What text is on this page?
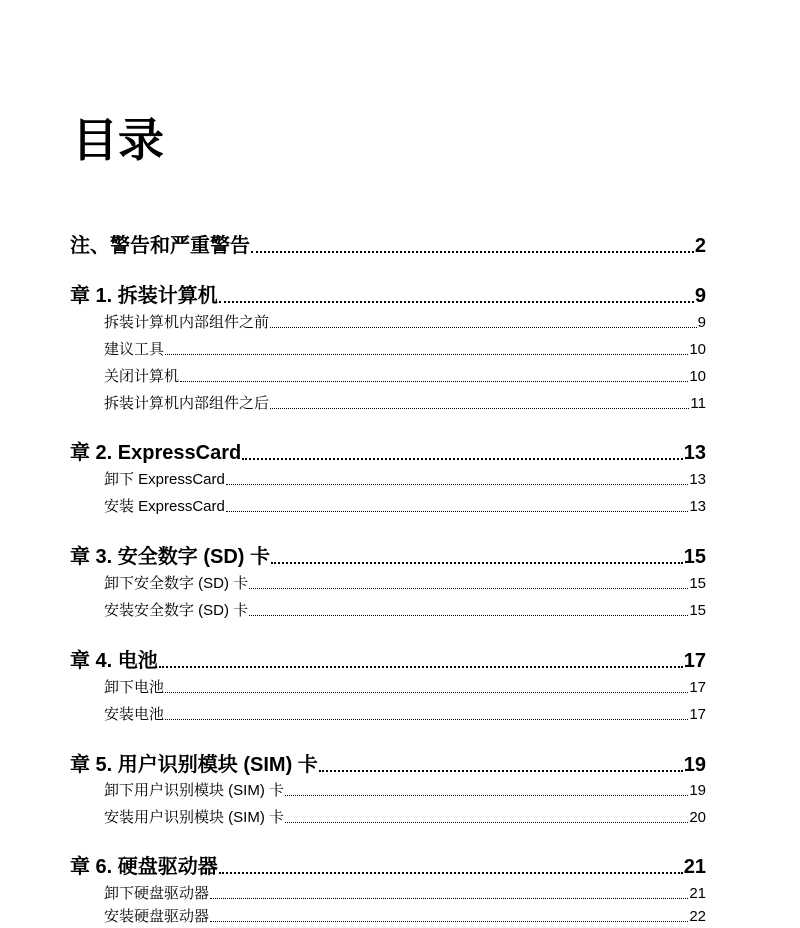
目录
注、警告和严重警告	2
章 1. 拆装计算机	9
拆装计算机内部组件之前	9
建议工具	10
关闭计算机	10
拆装计算机内部组件之后	11
章 2. ExpressCard	13
卸下 ExpressCard	13
安装 ExpressCard	13
章 3. 安全数字 (SD) 卡	15
卸下安全数字 (SD) 卡	15
安装安全数字 (SD) 卡	15
章 4. 电池	17
卸下电池	17
安装电池	17
章 5. 用户识别模块 (SIM) 卡	19
卸下用户识别模块 (SIM) 卡	19
安装用户识别模块 (SIM) 卡	20
章 6. 硬盘驱动器	21
卸下硬盘驱动器	21
安装硬盘驱动器	22
